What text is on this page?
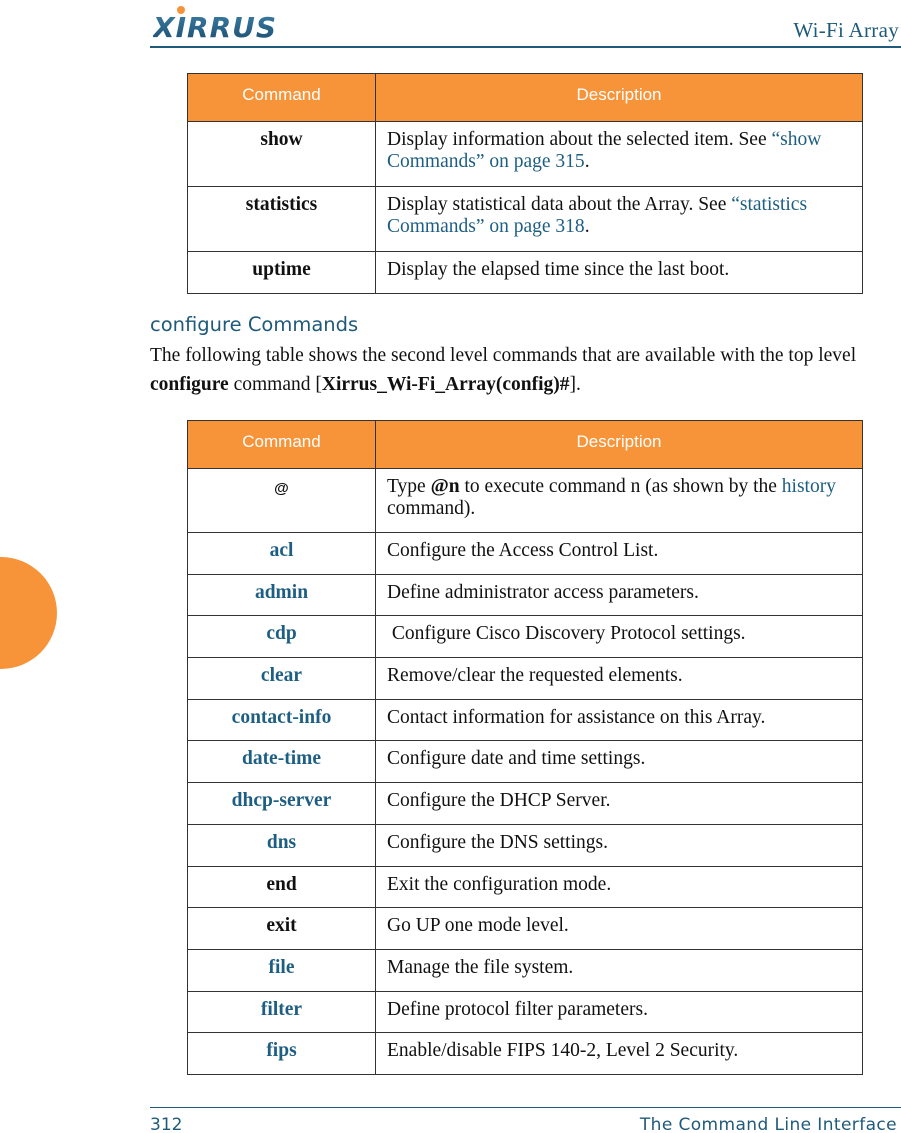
XIRRUS	Wi-Fi Array
Command	Description
show	Display information about the selected item. See “show Commands” on page 315.
statistics	Display statistical data about the Array. See “statistics Commands” on page 318.
uptime	Display the elapsed time since the last boot.
configure Commands

The following table shows the second level commands that are available with the top level configure command [Xirrus_Wi-Fi_Array(config)#].

Command	Description
@	Type @n to execute command n (as shown by the history command).
acl	Configure the Access Control List.
admin	Define administrator access parameters.
cdp	Configure Cisco Discovery Protocol settings.
clear	Remove/clear the requested elements.
contact-info	Contact information for assistance on this Array.
date-time	Configure date and time settings.
dhcp-server	Configure the DHCP Server.
dns	Configure the DNS settings.
end	Exit the configuration mode.
exit	Go UP one mode level.
file	Manage the file system.
filter	Define protocol filter parameters.
fips	Enable/disable FIPS 140-2, Level 2 Security.
312	The Command Line Interface
